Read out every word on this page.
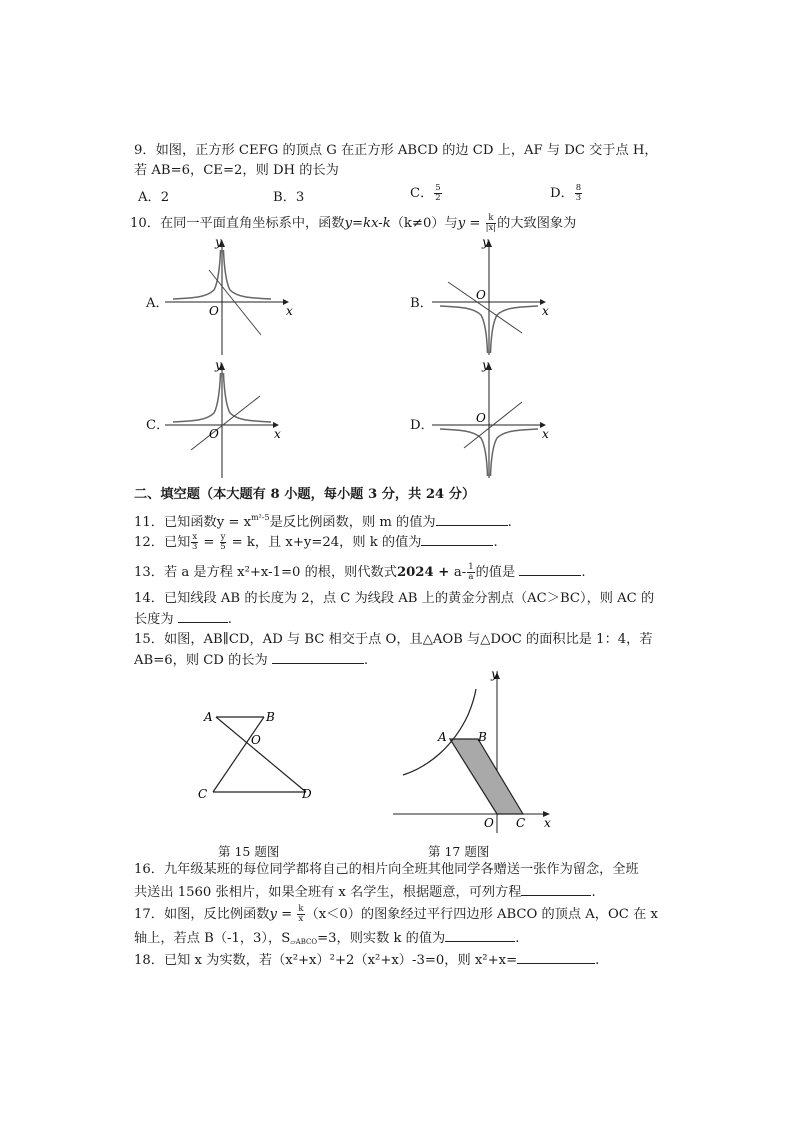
9．如图，正方形 CEFG 的顶点 G 在正方形 ABCD 的边 CD 上，AF 与 DC 交于点 H，
若 AB=6，CE=2，则 DH 的长为
A．2	B．3	C． $\frac{5}{2}$	D． $\frac{8}{3}$
10．在同一平面直角坐标系中，函数y=kx-k（k≠0）与$y = \frac{k}{|x|}$ 的大致图象为
A．
y
x
O	B．
y
x
O
C．
y
x
O
D．
y
x
O
二、填空题（本大题有 8 小题，每小题 3 分，共 24 分）
11．已知函数$y = x^{m^2-5}$是反比例函数，则 m 的值为	.
12．已知 $\frac{x}{3} = \frac{y}{5} = k$，且 x+y=24，则 k 的值为	.
13．若 a 是方程 x²+x-1=0 的根，则代数式$2024 + a- \frac{1}{a}$ 的值是	.
14．已知线段 AB 的长度为 2，点 C 为线段 AB 上的黄金分割点（AC＞BC），则 AC 的
长度为	.
15．如图，AB∥CD，AD 与 BC 相交于点 O，且△AOB 与△DOC 的面积比是 1：4，若
AB=6，则 CD 的长为	.
A	B
O
C	D
第 15 题图
y
x
A	B
O C
第 17 题图
16．九年级某班的每位同学都将自己的相片向全班其他同学各赠送一张作为留念，全班
共送出 1560 张相片，如果全班有 x 名学生，根据题意，可列方程	.
17．如图，反比例函数$y = \frac{k}{x} (x<0)$的图象经过平行四边形 ABCO 的顶点 A，OC 在 x
轴上，若点 B（-1，3），$S_{▱ABCO}=3$，则实数 k 的值为	.
18．已知 x 为实数，若（x²+x）²+2（x²+x）-3=0，则 x²+x=	.
